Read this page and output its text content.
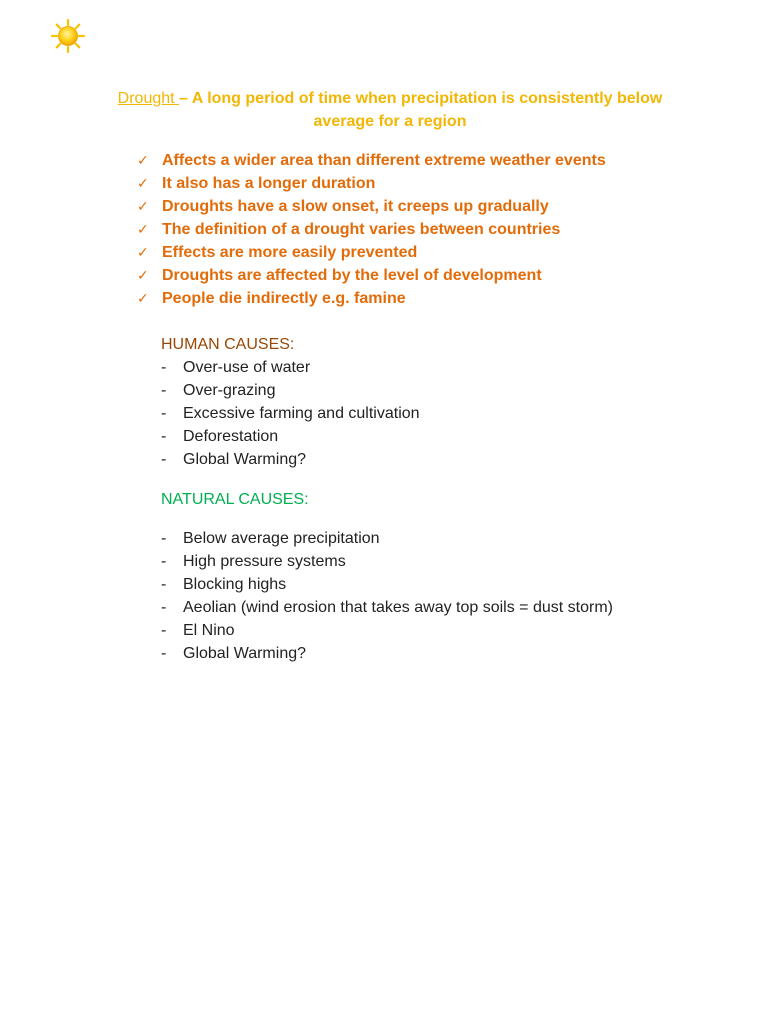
Drought – A long period of time when precipitation is consistently below average for a region
✓ Affects a wider area than different extreme weather events
✓ It also has a longer duration
✓ Droughts have a slow onset, it creeps up gradually
✓ The definition of a drought varies between countries
✓ Effects are more easily prevented
✓ Droughts are affected by the level of development
✓ People die indirectly e.g. famine
HUMAN CAUSES:
- Over-use of water
- Over-grazing
- Excessive farming and cultivation
- Deforestation
- Global Warming?
NATURAL CAUSES:
- Below average precipitation
- High pressure systems
- Blocking highs
- Aeolian (wind erosion that takes away top soils = dust storm)
- El Nino
- Global Warming?
